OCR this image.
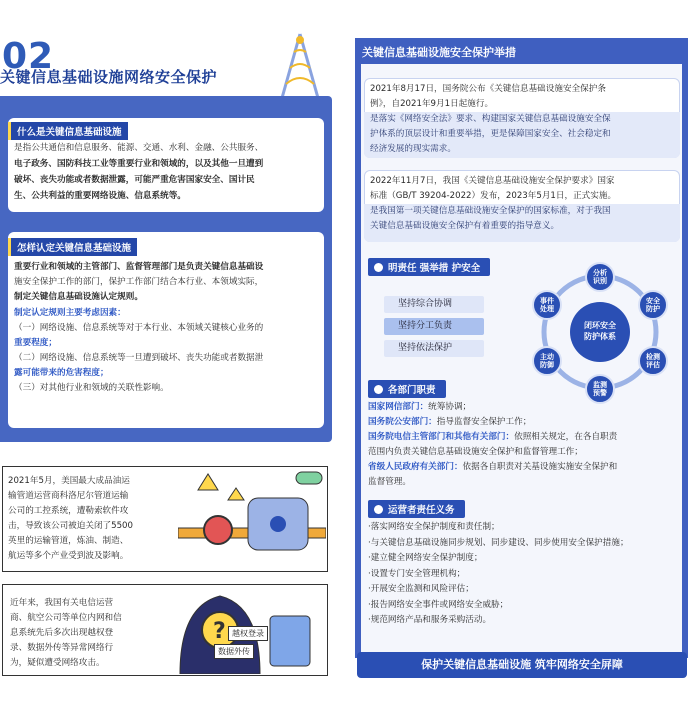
02
关键信息基础设施网络安全保护
什么是关键信息基础设施
是指公共通信和信息服务、能源、交通、水利、金融、公共服务、
电子政务、国防科技工业等重要行业和领域的，以及其他一旦遭到
破坏、丧失功能或者数据泄露，可能严重危害国家安全、国计民
生、公共利益的重要网络设施、信息系统等。
怎样认定关键信息基础设施
重要行业和领域的主管部门、监督管理部门是负责关键信息基础设
施安全保护工作的部门，保护工作部门结合本行业、本领域实际，
制定关键信息基础设施认定规则。
制定认定规则主要考虑因素：
（一）网络设施、信息系统等对于本行业、本领域关键核心业务的
重要程度；
（二）网络设施、信息系统等一旦遭到破坏、丧失功能或者数据泄
露可能带来的危害程度；
（三）对其他行业和领域的关联性影响。
2021年5月，美国最大成品油运
输管道运营商科洛尼尔管道运输
公司的工控系统，遭勒索软件攻
击，导致该公司被迫关闭了5500
英里的运输管道，炼油、制造、
航运等多个产业受到波及影响。
近年来，我国有关电信运营
商、航空公司等单位内网和信
息系统先后多次出现越权登
录、数据外传等异常网络行
为，疑似遭受网络攻击。
? 越权登录
数据外传
关键信息基础设施安全保护举措
2021年8月17日，国务院公布《关键信息基础设施安全保护条
例》，自2021年9月1日起施行。
是落实《网络安全法》要求、构建国家关键信息基础设施安全保
护体系的顶层设计和重要举措，更是保障国家安全、社会稳定和
经济发展的现实需求。
2022年11月7日，我国《关键信息基础设施安全保护要求》国家
标准（GB/T 39204-2022）发布，2023年5月1日，正式实施。
是我国第一项关键信息基础设施安全保护的国家标准，对于我国
关键信息基础设施安全保护有着重要的指导意义。
明责任 强举措 护安全
坚持综合协调
坚持分工负责
坚持依法保护
闭环安全
防护体系
分析
识别
安全
防护
检测
评估
监测
预警
主动
防御
事件
处理
各部门职责
国家网信部门：统筹协调；
国务院公安部门：指导监督安全保护工作；
国务院电信主管部门和其他有关部门：依照相关规定，在各自职责
范围内负责关键信息基础设施安全保护和监督管理工作；
省级人民政府有关部门：依据各自职责对关基设施实施安全保护和
监督管理。
运营者责任义务
·落实网络安全保护制度和责任制；
·与关键信息基础设施同步规划、同步建设、同步使用安全保护措施；
·建立健全网络安全保护制度；
·设置专门安全管理机构；
·开展安全监测和风险评估；
·报告网络安全事件或网络安全威胁；
·规范网络产品和服务采购活动。
保护关键信息基础设施 筑牢网络安全屏障
